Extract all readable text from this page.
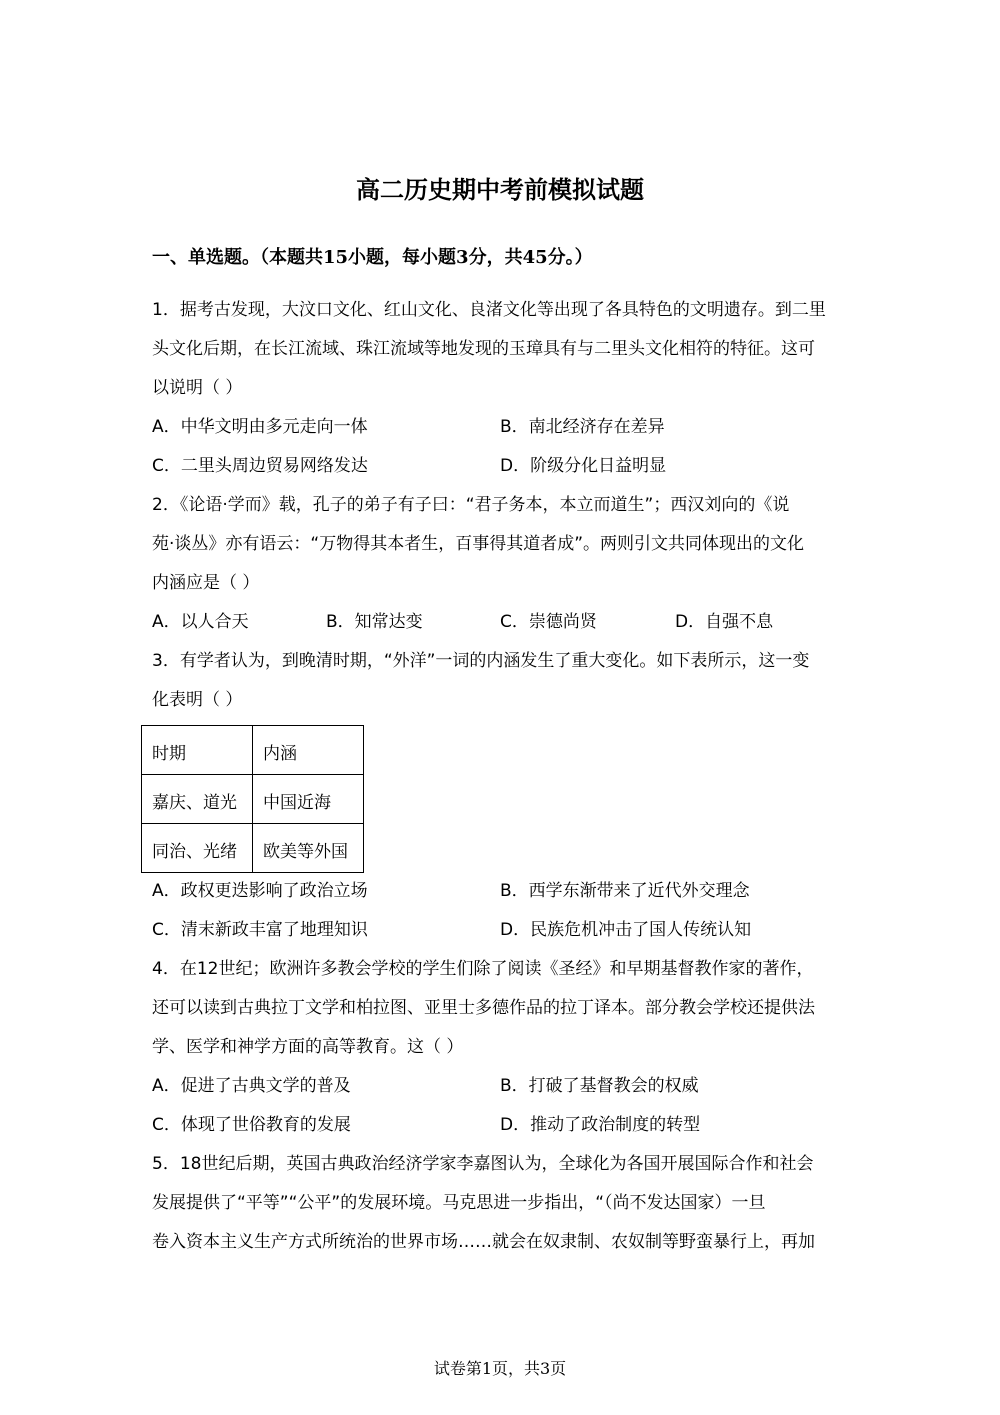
高二历史期中考前模拟试题
一、单选题。（本题共15小题，每小题3分，共45分。）
1．据考古发现，大汶口文化、红山文化、良渚文化等出现了各具特色的文明遗存。到二里
头文化后期，在长江流域、珠江流域等地发现的玉璋具有与二里头文化相符的特征。这可
以说明（ ）
A．中华文明由多元走向一体	B．南北经济存在差异
C．二里头周边贸易网络发达	D．阶级分化日益明显
2．《论语·学而》载，孔子的弟子有子曰：“君子务本，本立而道生”；西汉刘向的《说
苑·谈丛》亦有语云：“万物得其本者生，百事得其道者成”。两则引文共同体现出的文化
内涵应是（ ）
A．以人合天	B．知常达变	C．崇德尚贤	D．自强不息
3．有学者认为，到晚清时期，“外洋”一词的内涵发生了重大变化。如下表所示，这一变
化表明（ ）
时期	内涵
嘉庆、道光	中国近海
同治、光绪	欧美等外国
A．政权更迭影响了政治立场	B．西学东渐带来了近代外交理念
C．清末新政丰富了地理知识	D．民族危机冲击了国人传统认知
4．在12世纪；欧洲许多教会学校的学生们除了阅读《圣经》和早期基督教作家的著作，
还可以读到古典拉丁文学和柏拉图、亚里士多德作品的拉丁译本。部分教会学校还提供法
学、医学和神学方面的高等教育。这（ ）
A．促进了古典文学的普及	B．打破了基督教会的权威
C．体现了世俗教育的发展	D．推动了政治制度的转型
5．18世纪后期，英国古典政治经济学家李嘉图认为，全球化为各国开展国际合作和社会
发展提供了“平等”“公平”的发展环境。马克思进一步指出，“（尚不发达国家）一旦
卷入资本主义生产方式所统治的世界市场……就会在奴隶制、农奴制等野蛮暴行上，再加
试卷第1页，共3页
